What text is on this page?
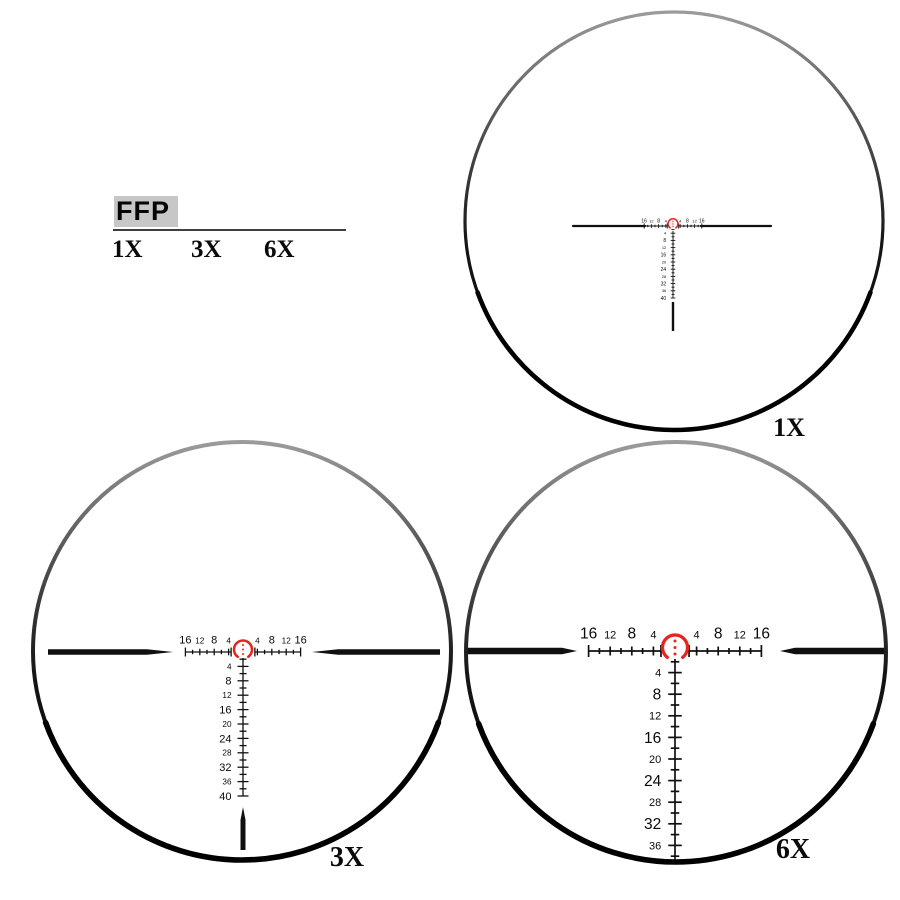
16 12 8 4	4 8 12 16
4
8
12
16
20
24
28
32
36
40
1X
16 12 8 4	4 8 12 16
4
8
12
16
20
24
28
32
36
40
3X
16 12 8 4	4 8 12 16
4
8
12
16
20
24
28
32
36	6X
FFP
1X 3X 6X
